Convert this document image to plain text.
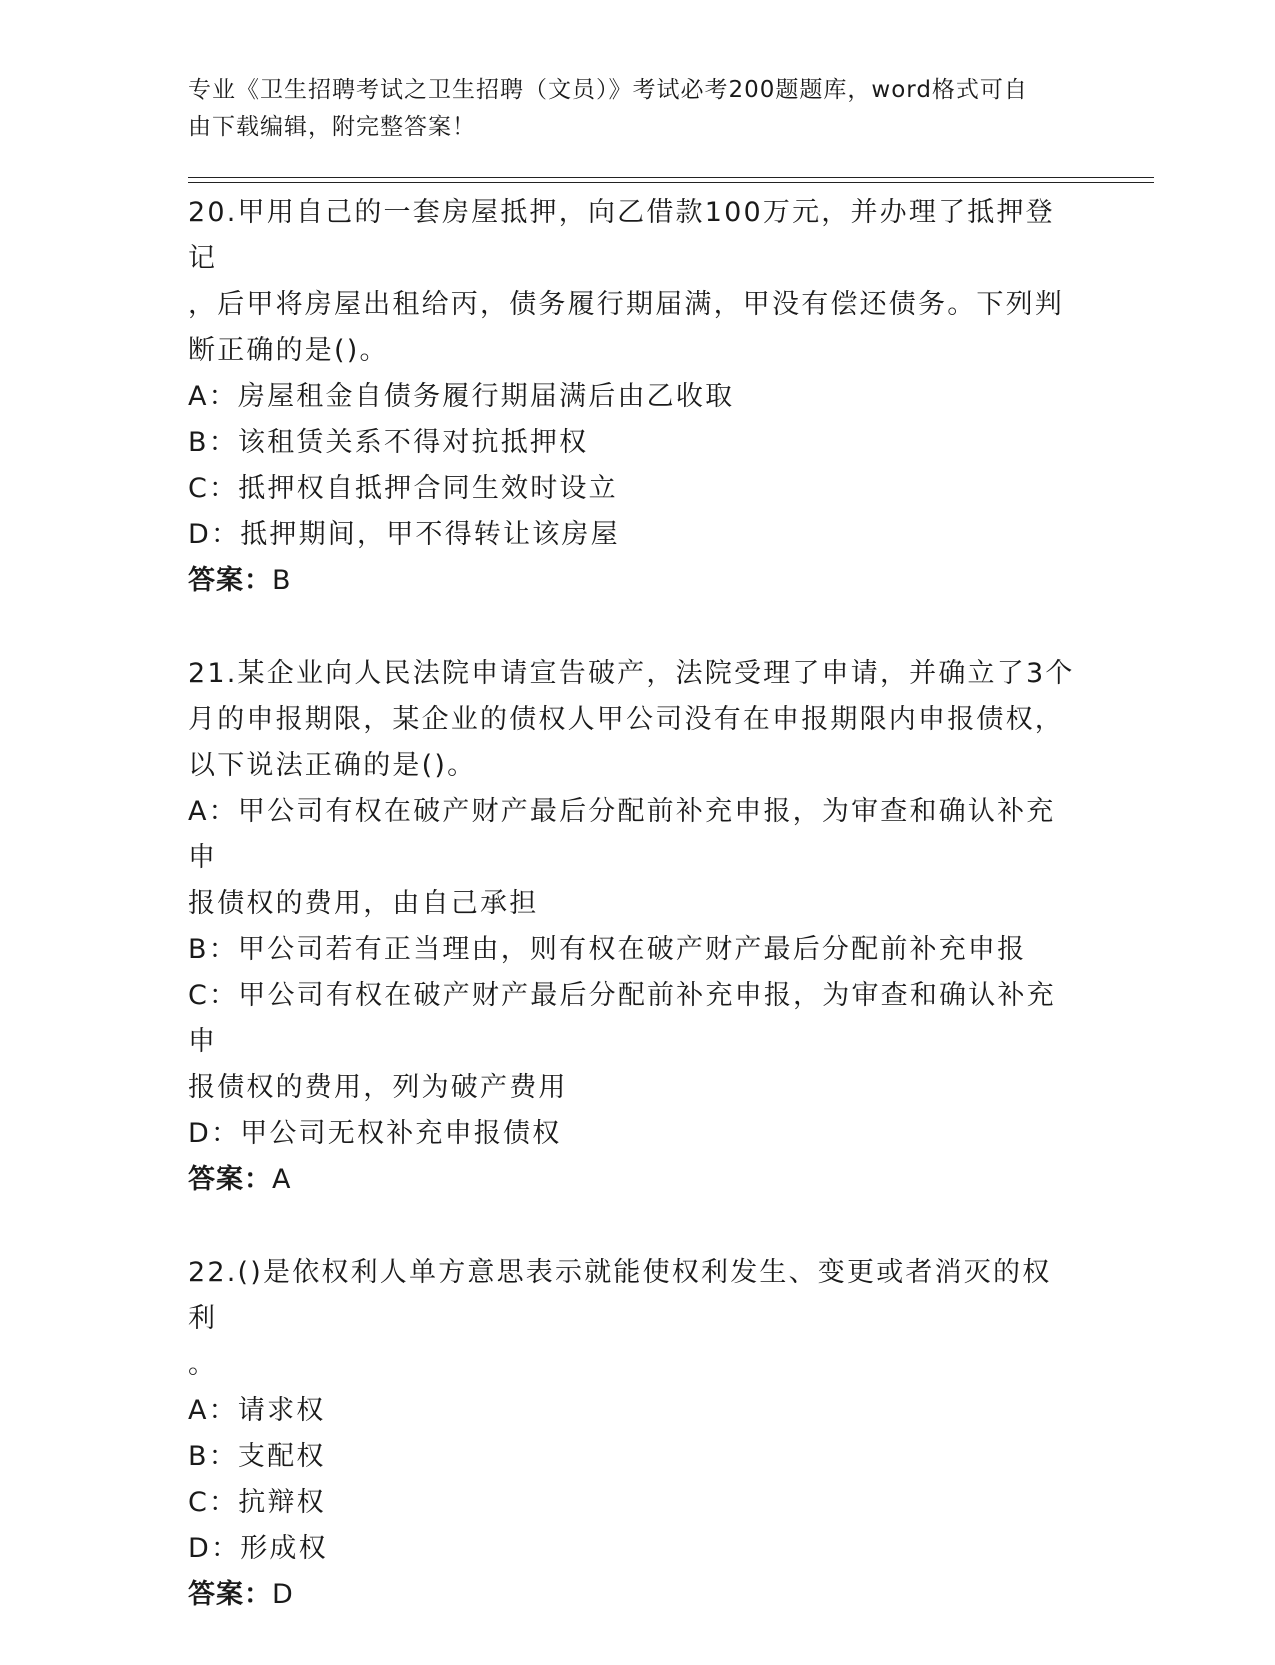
专业《卫生招聘考试之卫生招聘（文员）》考试必考200题题库，word格式可自
由下载编辑，附完整答案！
20.甲用自己的一套房屋抵押，向乙借款100万元，并办理了抵押登记
，后甲将房屋出租给丙，债务履行期届满，甲没有偿还债务。下列判
断正确的是()。
A：房屋租金自债务履行期届满后由乙收取
B：该租赁关系不得对抗抵押权
C：抵押权自抵押合同生效时设立
D：抵押期间，甲不得转让该房屋
答案：B
21.某企业向人民法院申请宣告破产，法院受理了申请，并确立了3个
月的申报期限，某企业的债权人甲公司没有在申报期限内申报债权，
以下说法正确的是()。
A：甲公司有权在破产财产最后分配前补充申报，为审查和确认补充申
报债权的费用，由自己承担
B：甲公司若有正当理由，则有权在破产财产最后分配前补充申报
C：甲公司有权在破产财产最后分配前补充申报，为审查和确认补充申
报债权的费用，列为破产费用
D：甲公司无权补充申报债权
答案：A
22.()是依权利人单方意思表示就能使权利发生、变更或者消灭的权利
。
A：请求权
B：支配权
C：抗辩权
D：形成权
答案：D
